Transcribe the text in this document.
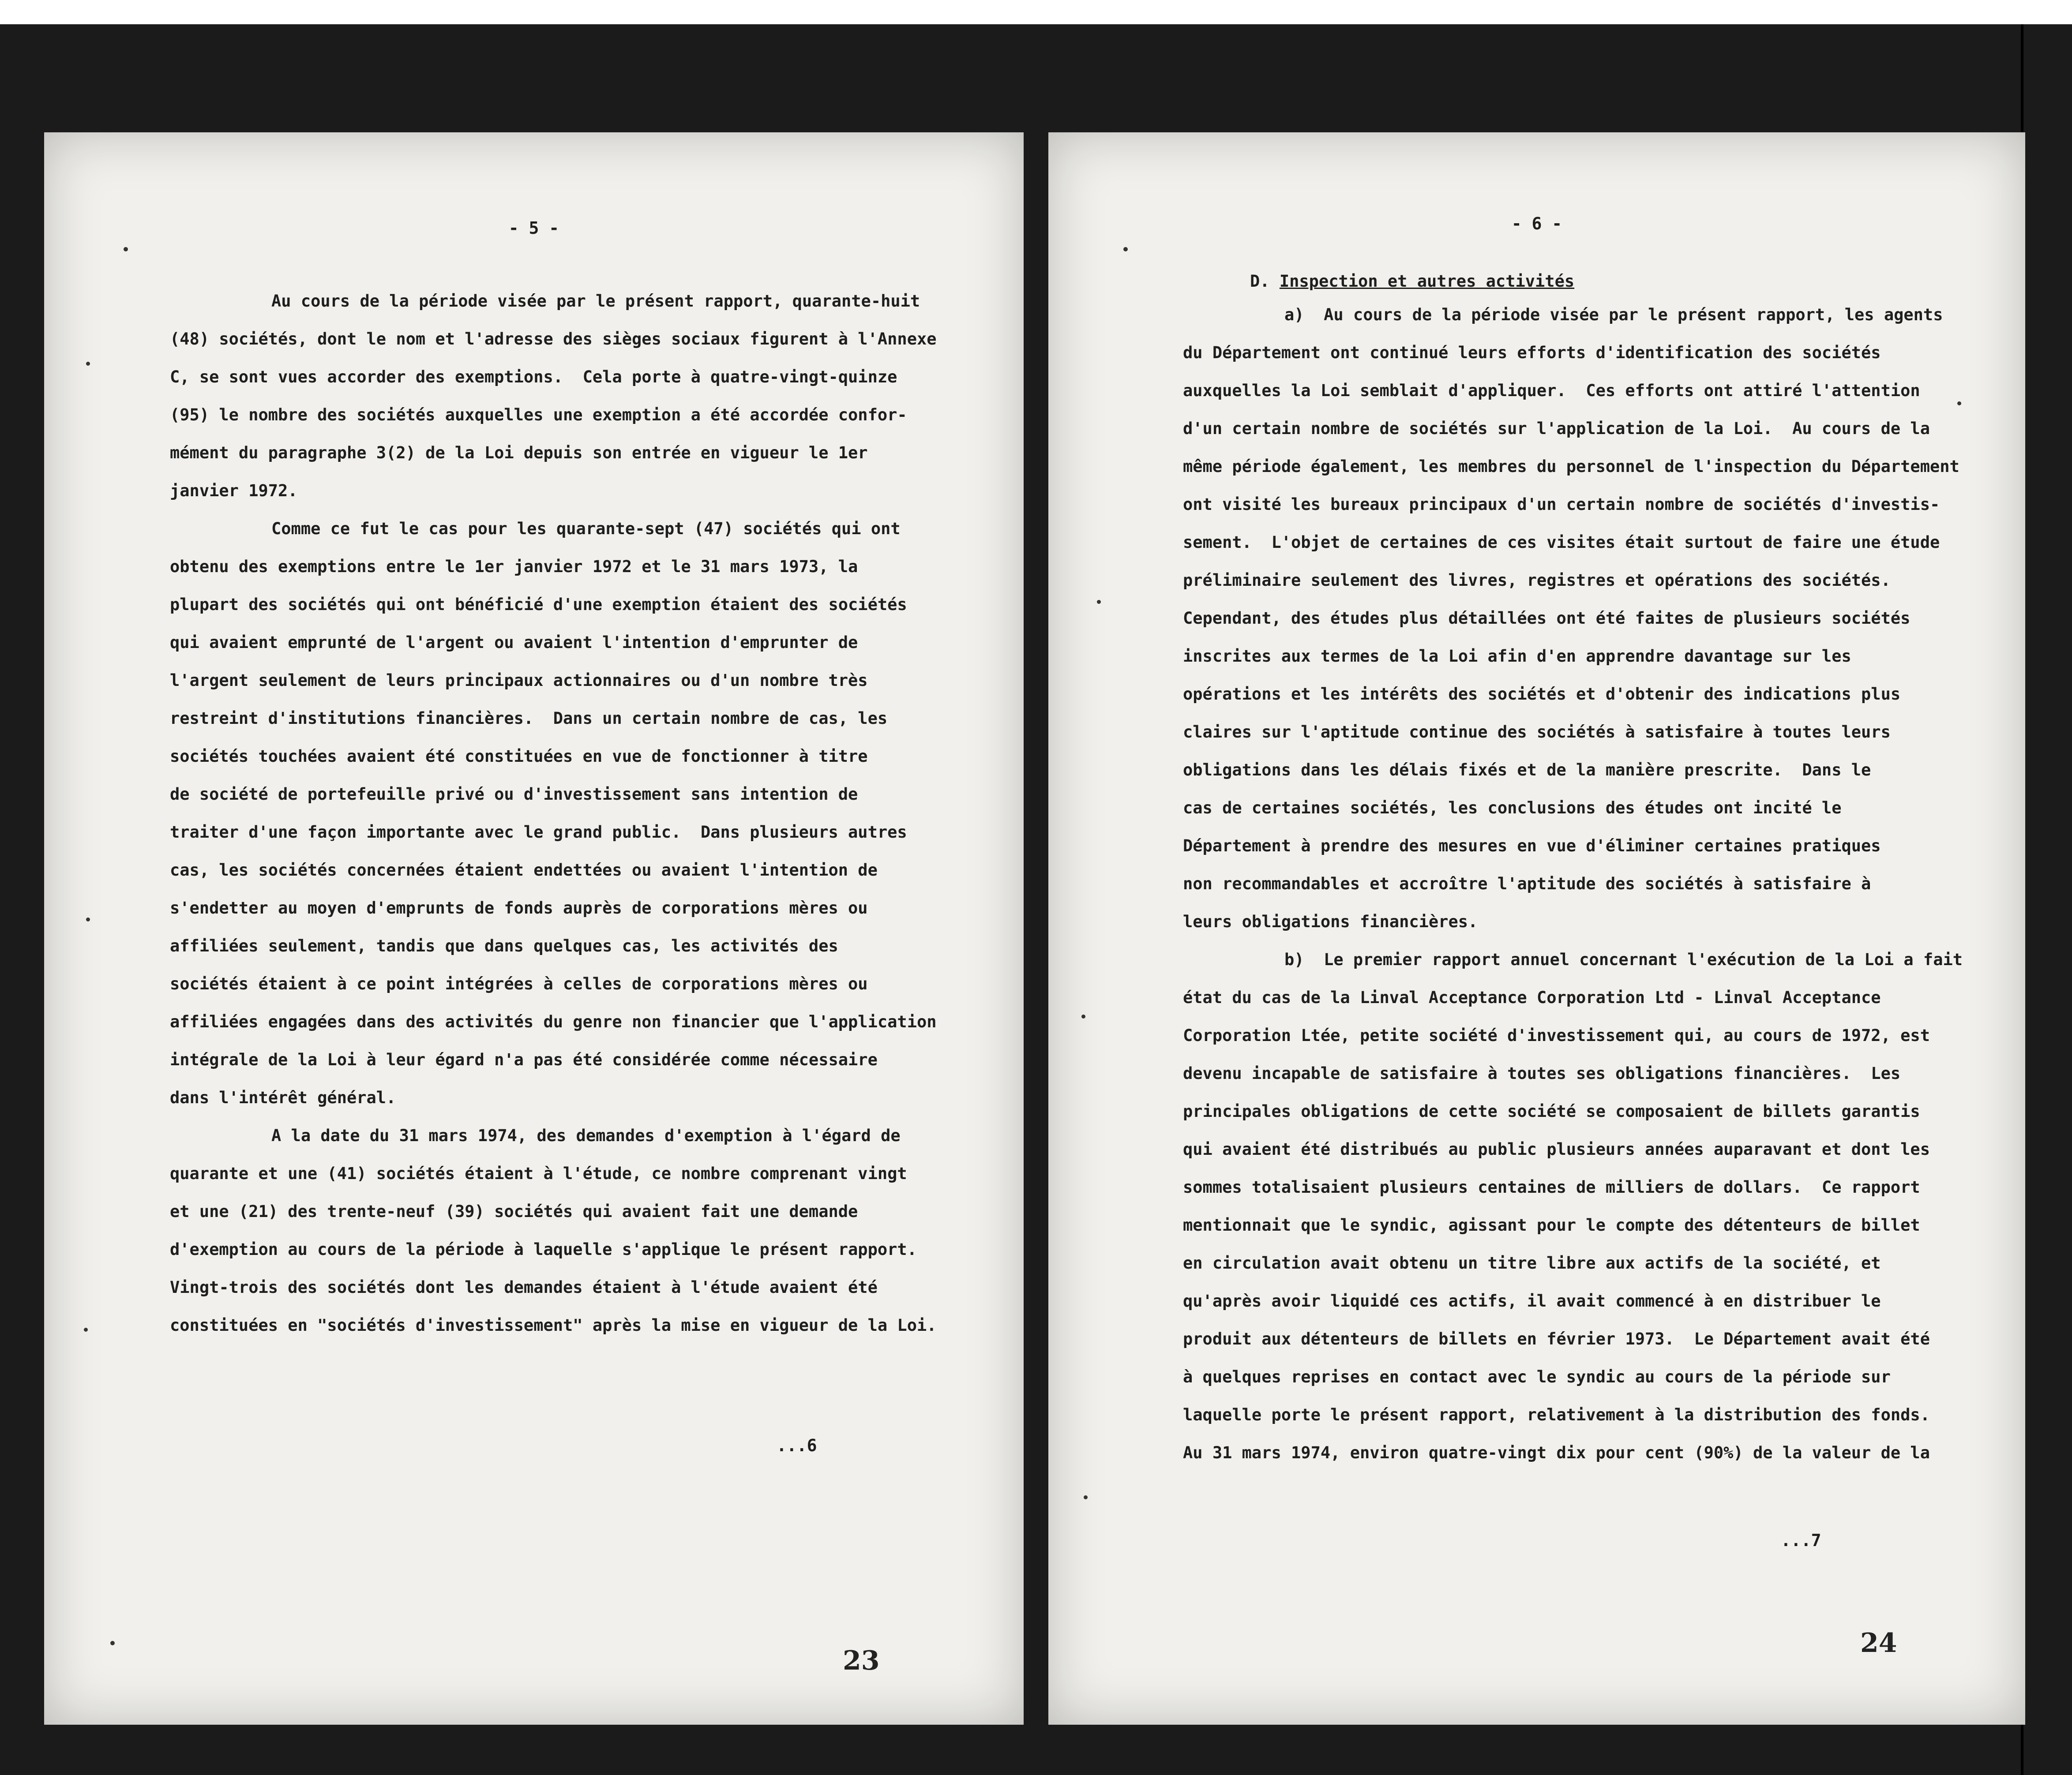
- 5 -
Au cours de la période visée par le présent rapport, quarante-huit
(48) sociétés, dont le nom et l'adresse des sièges sociaux figurent à l'Annexe
C, se sont vues accorder des exemptions.  Cela porte à quatre-vingt-quinze
(95) le nombre des sociétés auxquelles une exemption a été accordée confor-
mément du paragraphe 3(2) de la Loi depuis son entrée en vigueur le 1er
janvier 1972.
Comme ce fut le cas pour les quarante-sept (47) sociétés qui ont
obtenu des exemptions entre le 1er janvier 1972 et le 31 mars 1973, la
plupart des sociétés qui ont bénéficié d'une exemption étaient des sociétés
qui avaient emprunté de l'argent ou avaient l'intention d'emprunter de
l'argent seulement de leurs principaux actionnaires ou d'un nombre très
restreint d'institutions financières.  Dans un certain nombre de cas, les
sociétés touchées avaient été constituées en vue de fonctionner à titre
de société de portefeuille privé ou d'investissement sans intention de
traiter d'une façon importante avec le grand public.  Dans plusieurs autres
cas, les sociétés concernées étaient endettées ou avaient l'intention de
s'endetter au moyen d'emprunts de fonds auprès de corporations mères ou
affiliées seulement, tandis que dans quelques cas, les activités des
sociétés étaient à ce point intégrées à celles de corporations mères ou
affiliées engagées dans des activités du genre non financier que l'application
intégrale de la Loi à leur égard n'a pas été considérée comme nécessaire
dans l'intérêt général.
A la date du 31 mars 1974, des demandes d'exemption à l'égard de
quarante et une (41) sociétés étaient à l'étude, ce nombre comprenant vingt
et une (21) des trente-neuf (39) sociétés qui avaient fait une demande
d'exemption au cours de la période à laquelle s'applique le présent rapport.
Vingt-trois des sociétés dont les demandes étaient à l'étude avaient été
constituées en "sociétés d'investissement" après la mise en vigueur de la Loi.
...6
23
- 6 -
D. Inspection et autres activités
a)  Au cours de la période visée par le présent rapport, les agents
du Département ont continué leurs efforts d'identification des sociétés
auxquelles la Loi semblait d'appliquer.  Ces efforts ont attiré l'attention
d'un certain nombre de sociétés sur l'application de la Loi.  Au cours de la
même période également, les membres du personnel de l'inspection du Département
ont visité les bureaux principaux d'un certain nombre de sociétés d'investis-
sement.  L'objet de certaines de ces visites était surtout de faire une étude
préliminaire seulement des livres, registres et opérations des sociétés.
Cependant, des études plus détaillées ont été faites de plusieurs sociétés
inscrites aux termes de la Loi afin d'en apprendre davantage sur les
opérations et les intérêts des sociétés et d'obtenir des indications plus
claires sur l'aptitude continue des sociétés à satisfaire à toutes leurs
obligations dans les délais fixés et de la manière prescrite.  Dans le
cas de certaines sociétés, les conclusions des études ont incité le
Département à prendre des mesures en vue d'éliminer certaines pratiques
non recommandables et accroître l'aptitude des sociétés à satisfaire à
leurs obligations financières.
b)  Le premier rapport annuel concernant l'exécution de la Loi a fait
état du cas de la Linval Acceptance Corporation Ltd - Linval Acceptance
Corporation Ltée, petite société d'investissement qui, au cours de 1972, est
devenu incapable de satisfaire à toutes ses obligations financières.  Les
principales obligations de cette société se composaient de billets garantis
qui avaient été distribués au public plusieurs années auparavant et dont les
sommes totalisaient plusieurs centaines de milliers de dollars.  Ce rapport
mentionnait que le syndic, agissant pour le compte des détenteurs de billet
en circulation avait obtenu un titre libre aux actifs de la société, et
qu'après avoir liquidé ces actifs, il avait commencé à en distribuer le
produit aux détenteurs de billets en février 1973.  Le Département avait été
à quelques reprises en contact avec le syndic au cours de la période sur
laquelle porte le présent rapport, relativement à la distribution des fonds.
Au 31 mars 1974, environ quatre-vingt dix pour cent (90%) de la valeur de la
...7
24
